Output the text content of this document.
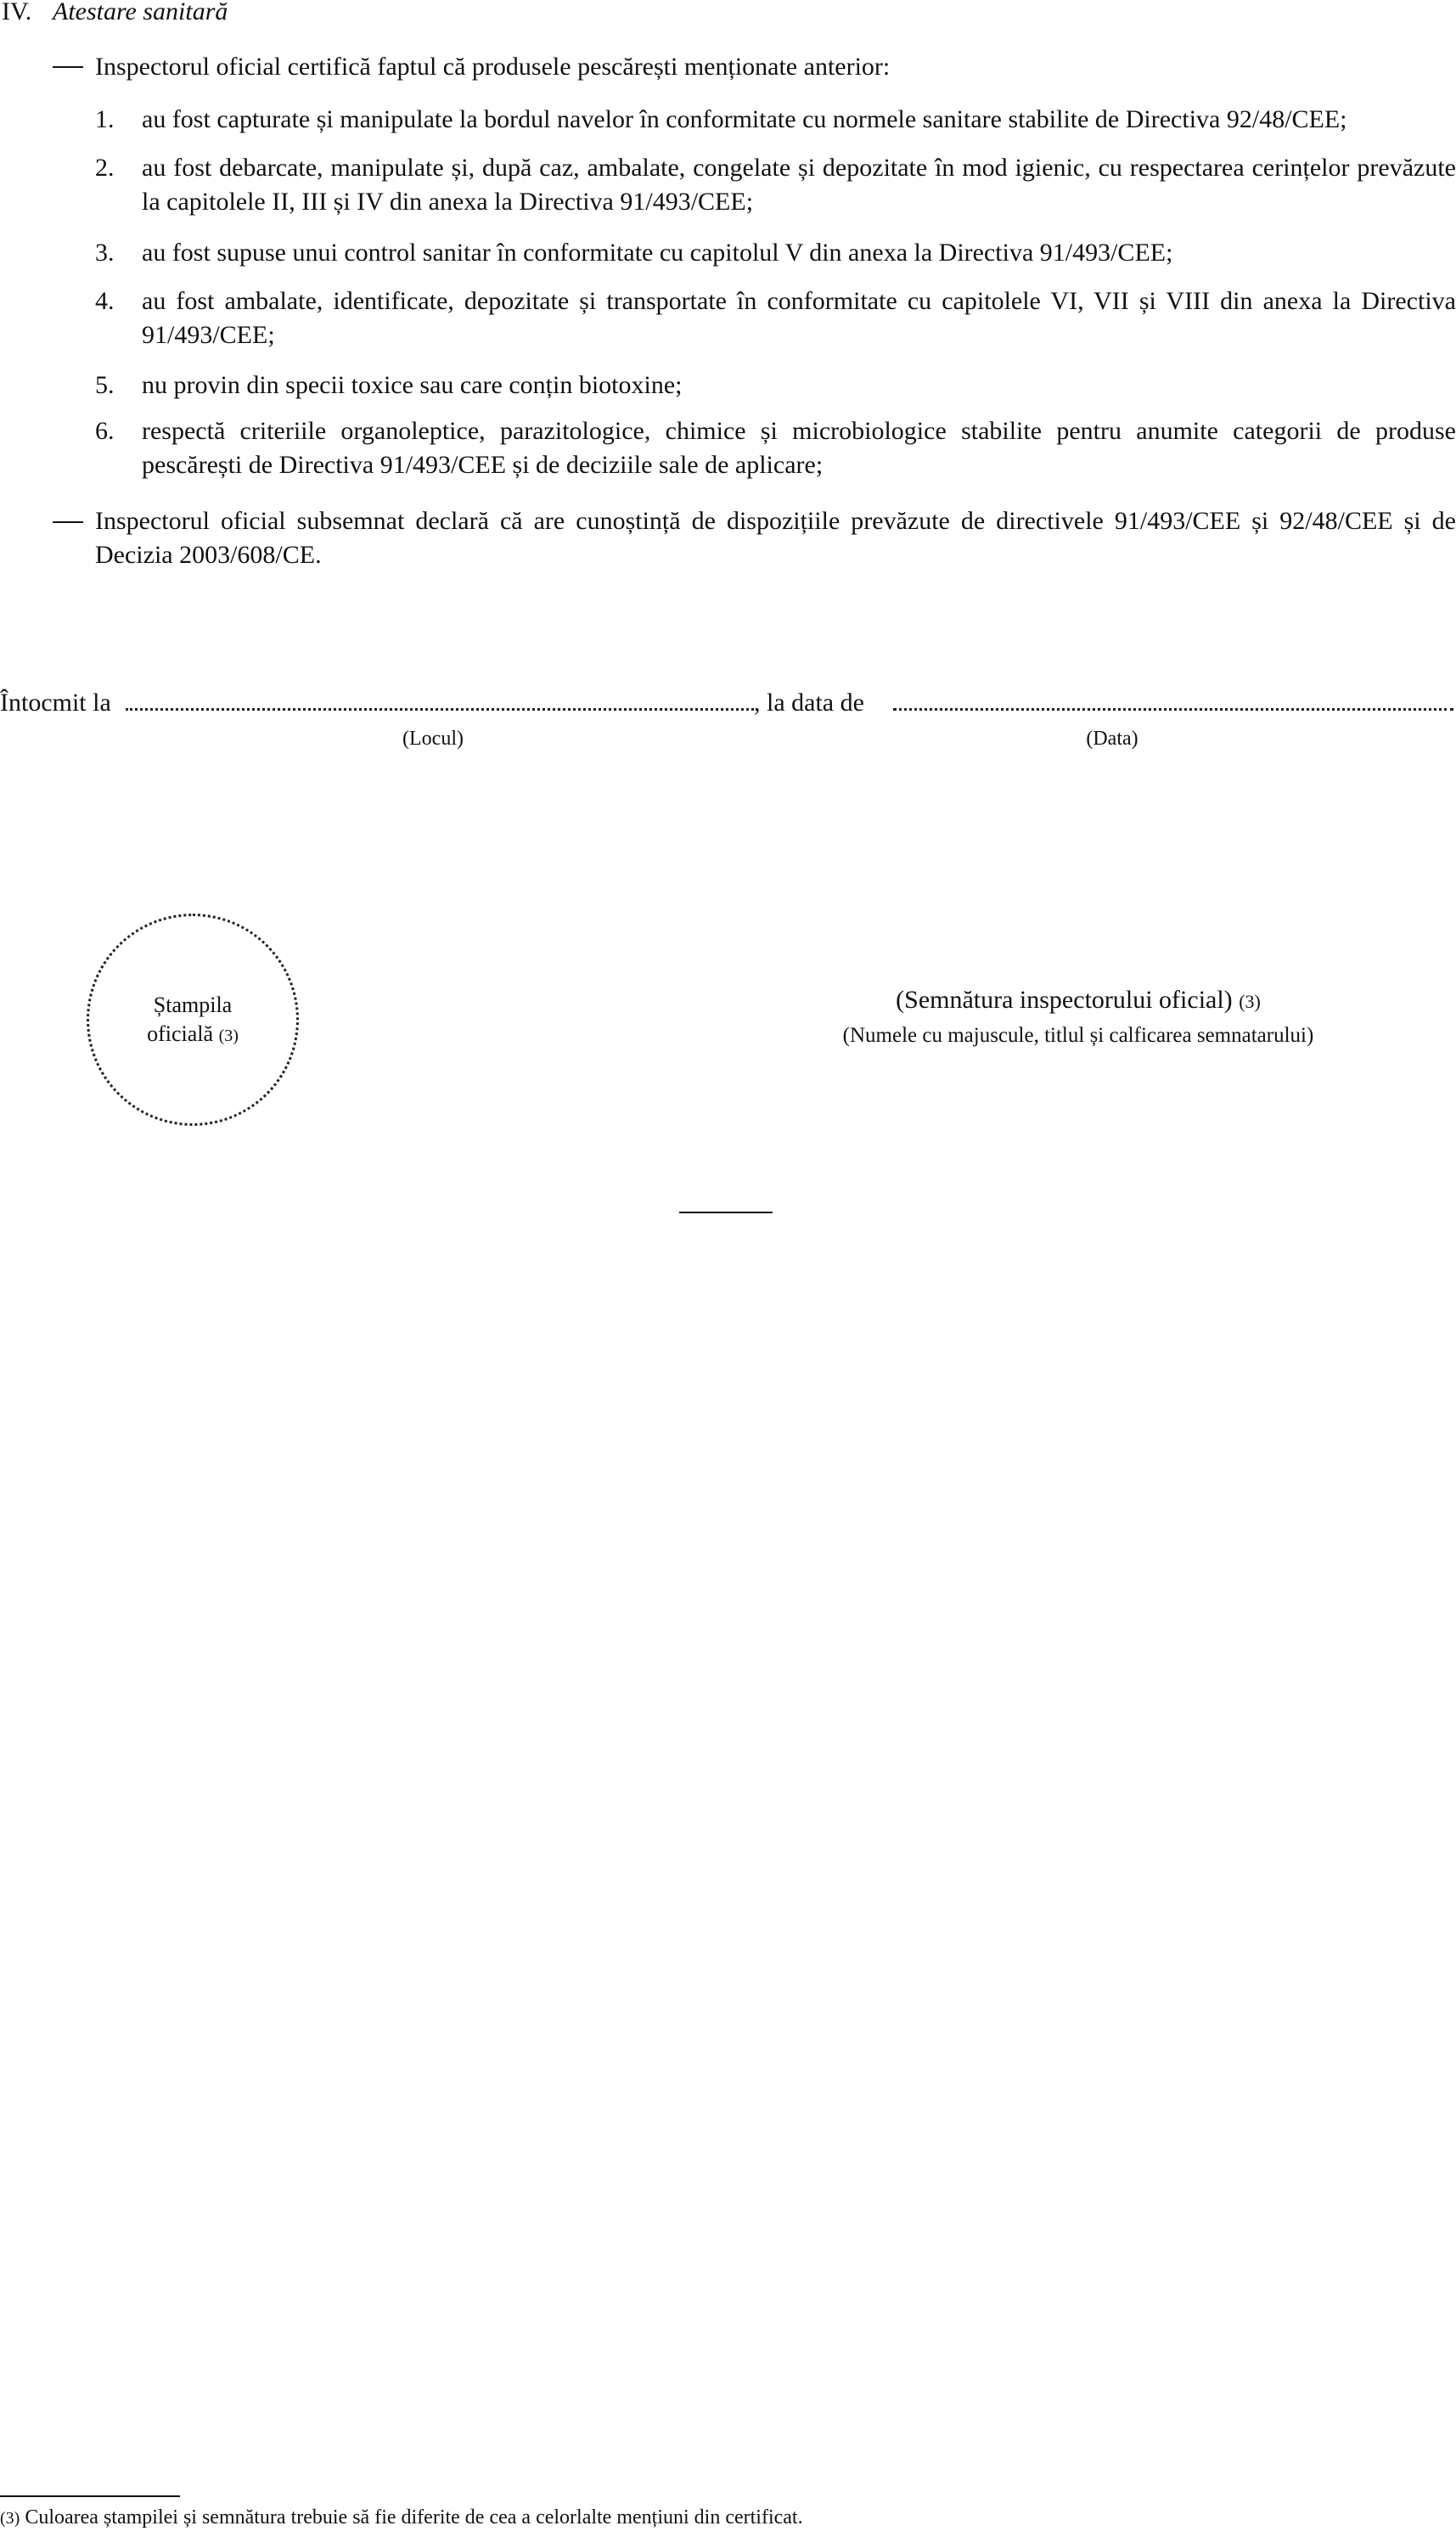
IV. Atestare sanitară
Inspectorul oficial certifică faptul că produsele pescărești menționate anterior:
1. au fost capturate și manipulate la bordul navelor în conformitate cu normele sanitare stabilite de Directiva 92/48/CEE;
2. au fost debarcate, manipulate și, după caz, ambalate, congelate și depozitate în mod igienic, cu respectarea cerințelor prevăzute la capitolele II, III și IV din anexa la Directiva 91/493/CEE;
3. au fost supuse unui control sanitar în conformitate cu capitolul V din anexa la Directiva 91/493/CEE;
4. au fost ambalate, identificate, depozitate și transportate în conformitate cu capitolele VI, VII și VIII din anexa la Directiva 91/493/CEE;
5. nu provin din specii toxice sau care conțin biotoxine;
6. respectă criteriile organoleptice, parazitologice, chimice și microbiologice stabilite pentru anumite categorii de produse pescărești de Directiva 91/493/CEE și de deciziile sale de aplicare;
Inspectorul oficial subsemnat declară că are cunoștință de dispozițiile prevăzute de directivele 91/493/CEE și 92/48/CEE și de Decizia 2003/608/CE.
Întocmit la	, la data de
(Locul)	(Data)
Ștampila
oficială (3)
(Semnătura inspectorului oficial) (3)
(Numele cu majuscule, titlul și calficarea semnatarului)
(3) Culoarea ștampilei și semnătura trebuie să fie diferite de cea a celorlalte mențiuni din certificat.
